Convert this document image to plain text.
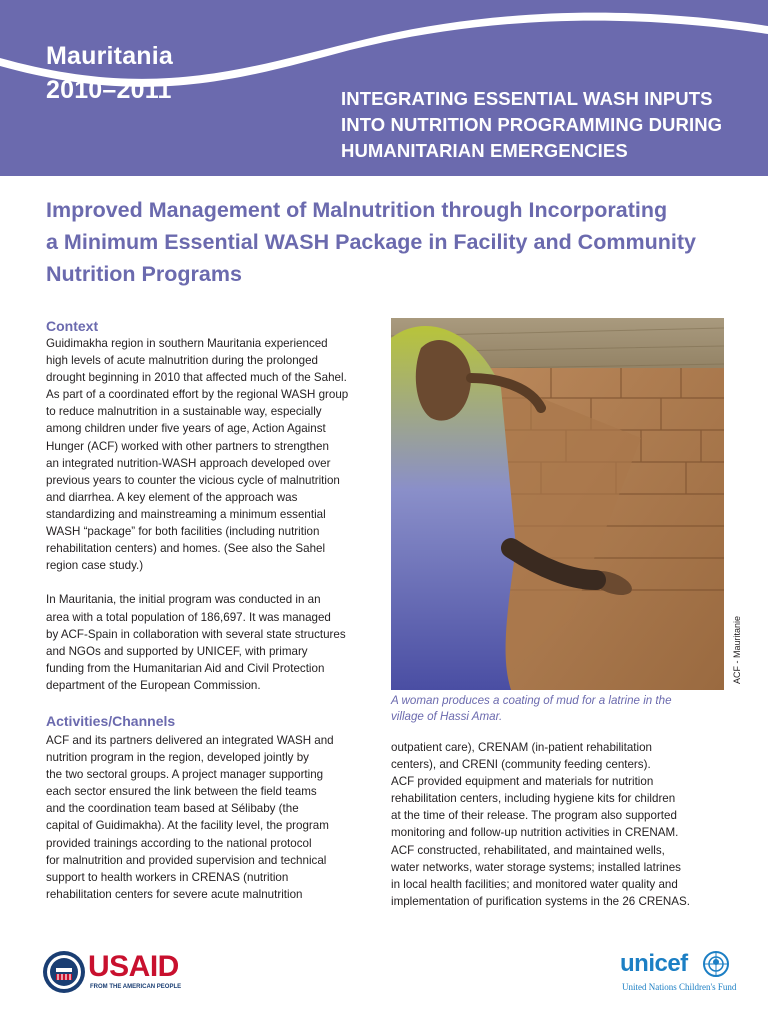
Mauritania
2010–2011	INTEGRATING ESSENTIAL WASH INPUTS
INTO NUTRITION PROGRAMMING DURING
HUMANITARIAN EMERGENCIES
Improved Management of Malnutrition through Incorporating
a Minimum Essential WASH Package in Facility and Community
Nutrition Programs
Context
Guidimakha region in southern Mauritania experienced
high levels of acute malnutrition during the prolonged
drought beginning in 2010 that affected much of the Sahel.
As part of a coordinated effort by the regional WASH group
to reduce malnutrition in a sustainable way, especially
among children under five years of age, Action Against
Hunger (ACF) worked with other partners to strengthen
an integrated nutrition-WASH approach developed over
previous years to counter the vicious cycle of malnutrition
and diarrhea. A key element of the approach was
standardizing and mainstreaming a minimum essential
WASH “package” for both facilities (including nutrition
rehabilitation centers) and homes. (See also the Sahel
region case study.)
In Mauritania, the initial program was conducted in an
area with a total population of 186,697. It was managed
by ACF-Spain in collaboration with several state structures
and NGOs and supported by UNICEF, with primary
funding from the Humanitarian Aid and Civil Protection
department of the European Commission.
Activities/Channels
ACF and its partners delivered an integrated WASH and
nutrition program in the region, developed jointly by
the two sectoral groups. A project manager supporting
each sector ensured the link between the field teams
and the coordination team based at Sélibaby (the
capital of Guidimakha). At the facility level, the program
provided trainings according to the national protocol
for malnutrition and provided supervision and technical
support to health workers in CRENAS (nutrition
rehabilitation centers for severe acute malnutrition
outpatient care), CRENAM (in-patient rehabilitation
centers), and CRENI (community feeding centers).
ACF provided equipment and materials for nutrition
rehabilitation centers, including hygiene kits for children
at the time of their release. The program also supported
monitoring and follow-up nutrition activities in CRENAM.
ACF constructed, rehabilitated, and maintained wells,
water networks, water storage systems; installed latrines
in local health facilities; and monitored water quality and
implementation of purification systems in the 26 CRENAS.
ACF - Mauritanie
A woman produces a coating of mud for a latrine in the
village of Hassi Amar.
USAID
FROM THE AMERICAN PEOPLE
unicef
United Nations Children's Fund
